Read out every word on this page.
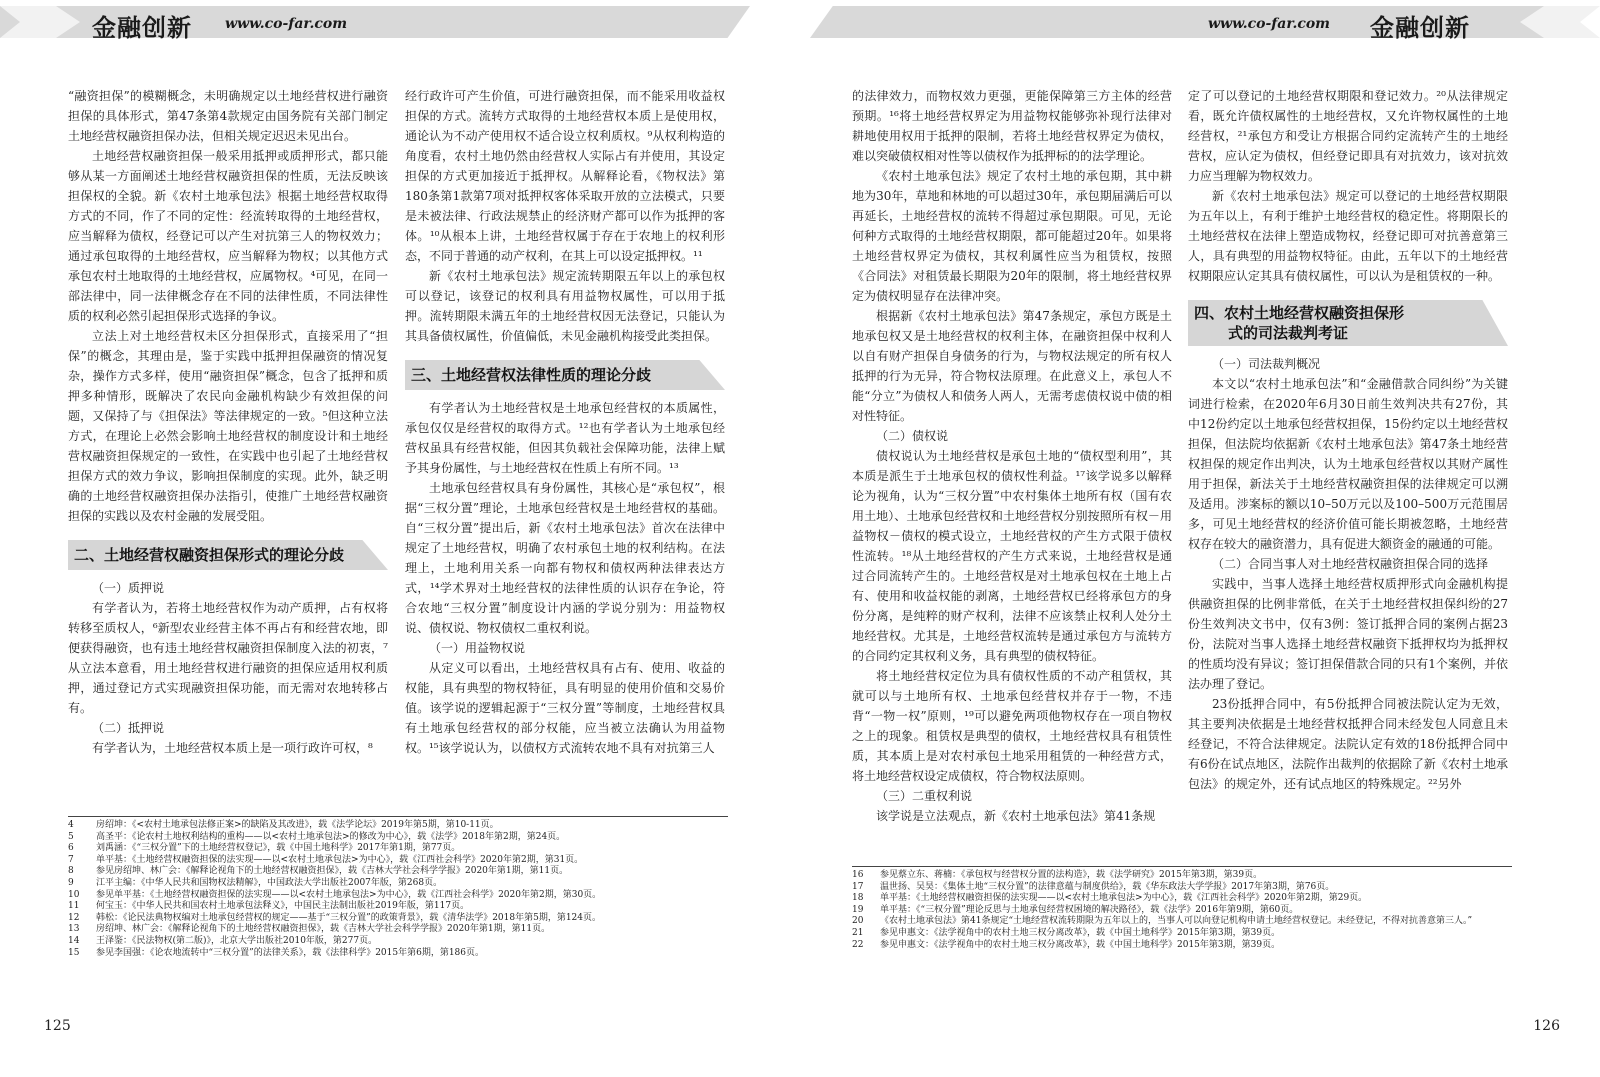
金融创新 www.co-far.com

“融资担保”的模糊概念，未明确规定以土地经营权进行融资担保的具体形式，第47条第4款规定由国务院有关部门制定土地经营权融资担保办法，但相关规定迟迟未见出台。

土地经营权融资担保一般采用抵押或质押形式，都只能够从某一方面阐述土地经营权融资担保的性质，无法反映该担保权的全貌。新《农村土地承包法》根据土地经营权取得方式的不同，作了不同的定性：经流转取得的土地经营权，应当解释为债权，经登记可以产生对抗第三人的物权效力；通过承包取得的土地经营权，应当解释为物权；以其他方式承包农村土地取得的土地经营权，应属物权。⁴可见，在同一部法律中，同一法律概念存在不同的法律性质，不同法律性质的权利必然引起担保形式选择的争议。

立法上对土地经营权未区分担保形式，直接采用了“担保”的概念，其理由是，鉴于实践中抵押担保融资的情况复杂，操作方式多样，使用“融资担保”概念，包含了抵押和质押多种情形，既解决了农民向金融机构缺少有效担保的问题，又保持了与《担保法》等法律规定的一致。⁵但这种立法方式，在理论上必然会影响土地经营权的制度设计和土地经营权融资担保规定的一致性，在实践中也引起了土地经营权担保方式的效力争议，影响担保制度的实现。此外，缺乏明确的土地经营权融资担保办法指引，使推广土地经营权融资担保的实践以及农村金融的发展受阻。

二、土地经营权融资担保形式的理论分歧

（一）质押说

有学者认为，若将土地经营权作为动产质押，占有权将转移至质权人，⁶新型农业经营主体不再占有和经营农地，即便获得融资，也有违土地经营权融资担保制度入法的初衷，⁷从立法本意看，用土地经营权进行融资的担保应适用权利质押，通过登记方式实现融资担保功能，而无需对农地转移占有。

（二）抵押说

有学者认为，土地经营权本质上是一项行政许可权，⁸

经行政许可产生价值，可进行融资担保，而不能采用收益权担保的方式。流转方式取得的土地经营权本质上是使用权，通论认为不动产使用权不适合设立权利质权。⁹从权利构造的角度看，农村土地仍然由经营权人实际占有并使用，其设定担保的方式更加接近于抵押权。从解释论看，《物权法》第180条第1款第7项对抵押权客体采取开放的立法模式，只要是未被法律、行政法规禁止的经济财产都可以作为抵押的客体。¹⁰从根本上讲，土地经营权属于存在于农地上的权利形态，不同于普通的动产权利，在其上可以设定抵押权。¹¹

新《农村土地承包法》规定流转期限五年以上的承包权可以登记，该登记的权利具有用益物权属性，可以用于抵押。流转期限未满五年的土地经营权因无法登记，只能认为其具备债权属性，价值偏低，未见金融机构接受此类担保。

三、土地经营权法律性质的理论分歧

有学者认为土地经营权是土地承包经营权的本质属性，承包仅仅是经营权的取得方式。¹²也有学者认为土地承包经营权虽具有经营权能，但因其负载社会保障功能，法律上赋予其身份属性，与土地经营权在性质上有所不同。¹³

土地承包经营权具有身份属性，其核心是“承包权”，根据“三权分置”理论，土地承包经营权是土地经营权的基础。自“三权分置”提出后，新《农村土地承包法》首次在法律中规定了土地经营权，明确了农村承包土地的权利结构。在法理上，土地利用关系一向都有物权和债权两种法律表达方式，¹⁴学术界对土地经营权的法律性质的认识存在争论，符合农地“三权分置”制度设计内涵的学说分别为：用益物权说、债权说、物权债权二重权利说。

（一）用益物权说

从定义可以看出，土地经营权具有占有、使用、收益的权能，具有典型的物权特征，具有明显的使用价值和交易价值。该学说的逻辑起源于“三权分置”等制度，土地经营权具有土地承包经营权的部分权能，应当被立法确认为用益物权。¹⁵该学说认为，以债权方式流转农地不具有对抗第三人

4	房绍坤：《<农村土地承包法修正案>的缺陷及其改进》，载《法学论坛》2019年第5期，第10-11页。
5	高圣平：《论农村土地权利结构的重构——以<农村土地承包法>的修改为中心》，载《法学》2018年第2期，第24页。
6	刘禹涵：《“三权分置”下的土地经营权登记》，载《中国土地科学》2017年第1期，第77页。
7	单平基：《土地经营权融资担保的法实现——以<农村土地承包法>为中心》，载《江西社会科学》2020年第2期，第31页。
8	参见房绍坤、林广会：《解释论视角下的土地经营权融资担保》，载《吉林大学社会科学学报》2020年第1期，第11页。
9	江平主编：《中华人民共和国物权法精解》，中国政法大学出版社2007年版，第268页。
10	参见单平基：《土地经营权融资担保的法实现——以<农村土地承包法>为中心》，载《江西社会科学》2020年第2期，第30页。
11	何宝玉：《中华人民共和国农村土地承包法释义》，中国民主法制出版社2019年版，第117页。
12	韩松：《论民法典物权编对土地承包经营权的规定——基于“三权分置”的政策背景》，载《清华法学》2018年第5期，第124页。
13	房绍坤、林广会：《解释论视角下的土地经营权融资担保》，载《吉林大学社会科学学报》2020年第1期，第11页。
14	王泽鉴：《民法物权(第二版)》，北京大学出版社2010年版，第277页。
15	参见李国强：《论农地流转中“三权分置”的法律关系》，载《法律科学》2015年第6期，第186页。
125
www.co-far.com 金融创新

的法律效力，而物权效力更强，更能保障第三方主体的经营预期。¹⁶将土地经营权界定为用益物权能够弥补现行法律对耕地使用权用于抵押的限制，若将土地经营权界定为债权，难以突破债权相对性等以债权作为抵押标的的法学理论。

《农村土地承包法》规定了农村土地的承包期，其中耕地为30年，草地和林地的可以超过30年，承包期届满后可以再延长，土地经营权的流转不得超过承包期限。可见，无论何种方式取得的土地经营权期限，都可能超过20年。如果将土地经营权界定为债权，其权利属性应当为租赁权，按照《合同法》对租赁最长期限为20年的限制，将土地经营权界定为债权明显存在法律冲突。

根据新《农村土地承包法》第47条规定，承包方既是土地承包权又是土地经营权的权利主体，在融资担保中权利人以自有财产担保自身债务的行为，与物权法规定的所有权人抵押的行为无异，符合物权法原理。在此意义上，承包人不能“分立”为债权人和债务人两人，无需考虑债权说中债的相对性特征。

（二）债权说

债权说认为土地经营权是承包土地的“债权型利用”，其本质是派生于土地承包权的债权性利益。¹⁷该学说多以解释论为视角，认为“三权分置”中农村集体土地所有权（国有农用土地）、土地承包经营权和土地经营权分别按照所有权－用益物权－债权的模式设立，土地经营权的产生方式限于债权性流转。¹⁸从土地经营权的产生方式来说，土地经营权是通过合同流转产生的。土地经营权是对土地承包权在土地上占有、使用和收益权能的剥离，土地经营权已经将承包方的身份分离，是纯粹的财产权利，法律不应该禁止权利人处分土地经营权。尤其是，土地经营权流转是通过承包方与流转方的合同约定其权利义务，具有典型的债权特征。

将土地经营权定位为具有债权性质的不动产租赁权，其就可以与土地所有权、土地承包经营权并存于一物，不违背“一物一权”原则，¹⁹可以避免两项他物权存在一项自物权之上的现象。租赁权是典型的债权，土地经营权具有租赁性质，其本质上是对农村承包土地采用租赁的一种经营方式，将土地经营权设定成债权，符合物权法原则。

（三）二重权利说

该学说是立法观点，新《农村土地承包法》第41条规

定了可以登记的土地经营权期限和登记效力。²⁰从法律规定看，既允许债权属性的土地经营权，又允许物权属性的土地经营权，²¹承包方和受让方根据合同约定流转产生的土地经营权，应认定为债权，但经登记即具有对抗效力，该对抗效力应当理解为物权效力。

新《农村土地承包法》规定可以登记的土地经营权期限为五年以上，有利于维护土地经营权的稳定性。将期限长的土地经营权在法律上塑造成物权，经登记即可对抗善意第三人，具有典型的用益物权特征。由此，五年以下的土地经营权期限应认定其具有债权属性，可以认为是租赁权的一种。

四、农村土地经营权融资担保形
式的司法裁判考证

（一）司法裁判概况

本文以“农村土地承包法”和“金融借款合同纠纷”为关键词进行检索，在2020年6月30日前生效判决共有27份，其中12份约定以土地承包经营权担保，15份约定以土地经营权担保，但法院均依据新《农村土地承包法》第47条土地经营权担保的规定作出判决，认为土地承包经营权以其财产属性用于担保，新法关于土地经营权融资担保的法律规定可以溯及适用。涉案标的额以10–50万元以及100–500万元范围居多，可见土地经营权的经济价值可能长期被忽略，土地经营权存在较大的融资潜力，具有促进大额资金的融通的可能。

（二）合同当事人对土地经营权融资担保合同的选择

实践中，当事人选择土地经营权质押形式向金融机构提供融资担保的比例非常低，在关于土地经营权担保纠纷的27份生效判决文书中，仅有3例：签订抵押合同的案例占据23份，法院对当事人选择土地经营权融资下抵押权均为抵押权的性质均没有异议；签订担保借款合同的只有1个案例，并依法办理了登记。

23份抵押合同中，有5份抵押合同被法院认定为无效，其主要判决依据是土地经营权抵押合同未经发包人同意且未经登记，不符合法律规定。法院认定有效的18份抵押合同中有6份在试点地区，法院作出裁判的依据除了新《农村土地承包法》的规定外，还有试点地区的特殊规定。²²另外

16	参见蔡立东、蒋楠：《承包权与经营权分置的法构造》，载《法学研究》2015年第3期，第39页。
17	温世扬、吴昊：《集体土地“三权分置”的法律意蕴与制度供给》，载《华东政法大学学报》2017年第3期，第76页。
18	单平基：《土地经营权融资担保的法实现——以<农村土地承包法>为中心》，载《江西社会科学》2020年第2期，第29页。
19	单平基：《“三权分置”理论反思与土地承包经营权困境的解决路径》，载《法学》2016年第9期，第60页。
20	《农村土地承包法》第41条规定“土地经营权流转期限为五年以上的，当事人可以向登记机构申请土地经营权登记。未经登记，不得对抗善意第三人。”
21	参见申惠文：《法学视角中的农村土地三权分离改革》，载《中国土地科学》2015年第3期，第39页。
22	参见申惠文：《法学视角中的农村土地三权分离改革》，载《中国土地科学》2015年第3期，第39页。
126
